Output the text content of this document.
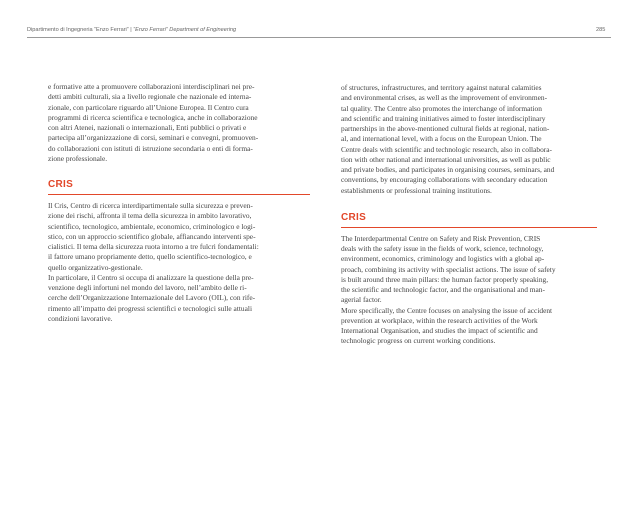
Dipartimento di Ingegneria “Enzo Ferrari” | “Enzo Ferrari” Department of Engineering	285

e formative atte a promuovere collaborazioni interdisciplinari nei pre-
detti ambiti culturali, sia a livello regionale che nazionale ed interna-
zionale, con particolare riguardo all’Unione Europea. Il Centro cura
programmi di ricerca scientifica e tecnologica, anche in collaborazione
con altri Atenei, nazionali o internazionali, Enti pubblici o privati e
partecipa all’organizzazione di corsi, seminari e convegni, promuoven-
do collaborazioni con istituti di istruzione secondaria o enti di forma-
zione professionale.

CRIS

Il Cris, Centro di ricerca interdipartimentale sulla sicurezza e preven-
zione dei rischi, affronta il tema della sicurezza in ambito lavorativo,
scientifico, tecnologico, ambientale, economico, criminologico e logi-
stico, con un approccio scientifico globale, affiancando interventi spe-
cialistici. Il tema della sicurezza ruota intorno a tre fulcri fondamentali:
il fattore umano propriamente detto, quello scientifico-tecnologico, e
quello organizzativo-gestionale.
In particolare, il Centro si occupa di analizzare la questione della pre-
venzione degli infortuni nel mondo del lavoro, nell’ambito delle ri-
cerche dell’Organizzazione Internazionale del Lavoro (OIL), con rife-
rimento all’impatto dei progressi scientifici e tecnologici sulle attuali
condizioni lavorative.

of structures, infrastructures, and territory against natural calamities
and environmental crises, as well as the improvement of environmen-
tal quality. The Centre also promotes the interchange of information
and scientific and training initiatives aimed to foster interdisciplinary
partnerships in the above-mentioned cultural fields at regional, nation-
al, and international level, with a focus on the European Union. The
Centre deals with scientific and technologic research, also in collabora-
tion with other national and international universities, as well as public
and private bodies, and participates in organising courses, seminars, and
conventions, by encouraging collaborations with secondary education
establishments or professional training institutions.

CRIS

The Interdepartmental Centre on Safety and Risk Prevention, CRIS
deals with the safety issue in the fields of work, science, technology,
environment, economics, criminology and logistics with a global ap-
proach, combining its activity with specialist actions. The issue of safety
is built around three main pillars: the human factor properly speaking,
the scientific and technologic factor, and the organisational and man-
agerial factor.
More specifically, the Centre focuses on analysing the issue of accident
prevention at workplace, within the research activities of the Work
International Organisation, and studies the impact of scientific and
technologic progress on current working conditions.
